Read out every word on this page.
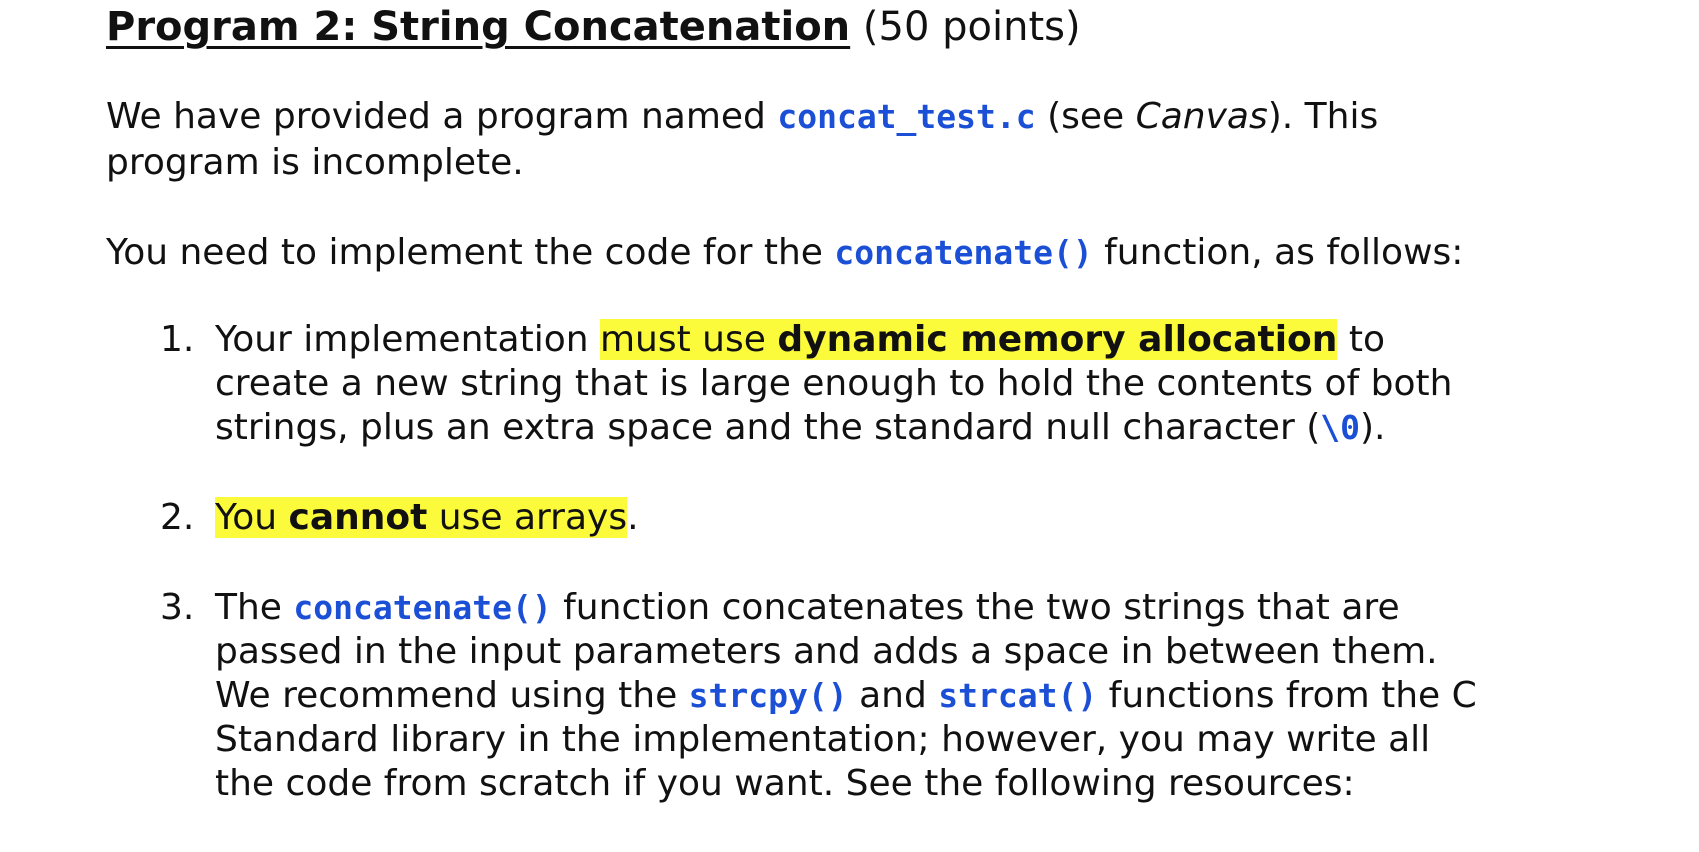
Program 2: String Concatenation (50 points)

We have provided a program named concat_test.c (see Canvas). This
program is incomplete.

You need to implement the code for the concatenate() function, as follows:

1. Your implementation must use dynamic memory allocation to
create a new string that is large enough to hold the contents of both
strings, plus an extra space and the standard null character (\0).
2. You cannot use arrays.
3. The concatenate() function concatenates the two strings that are
passed in the input parameters and adds a space in between them.
We recommend using the strcpy() and strcat() functions from the C
Standard library in the implementation; however, you may write all
the code from scratch if you want. See the following resources:
